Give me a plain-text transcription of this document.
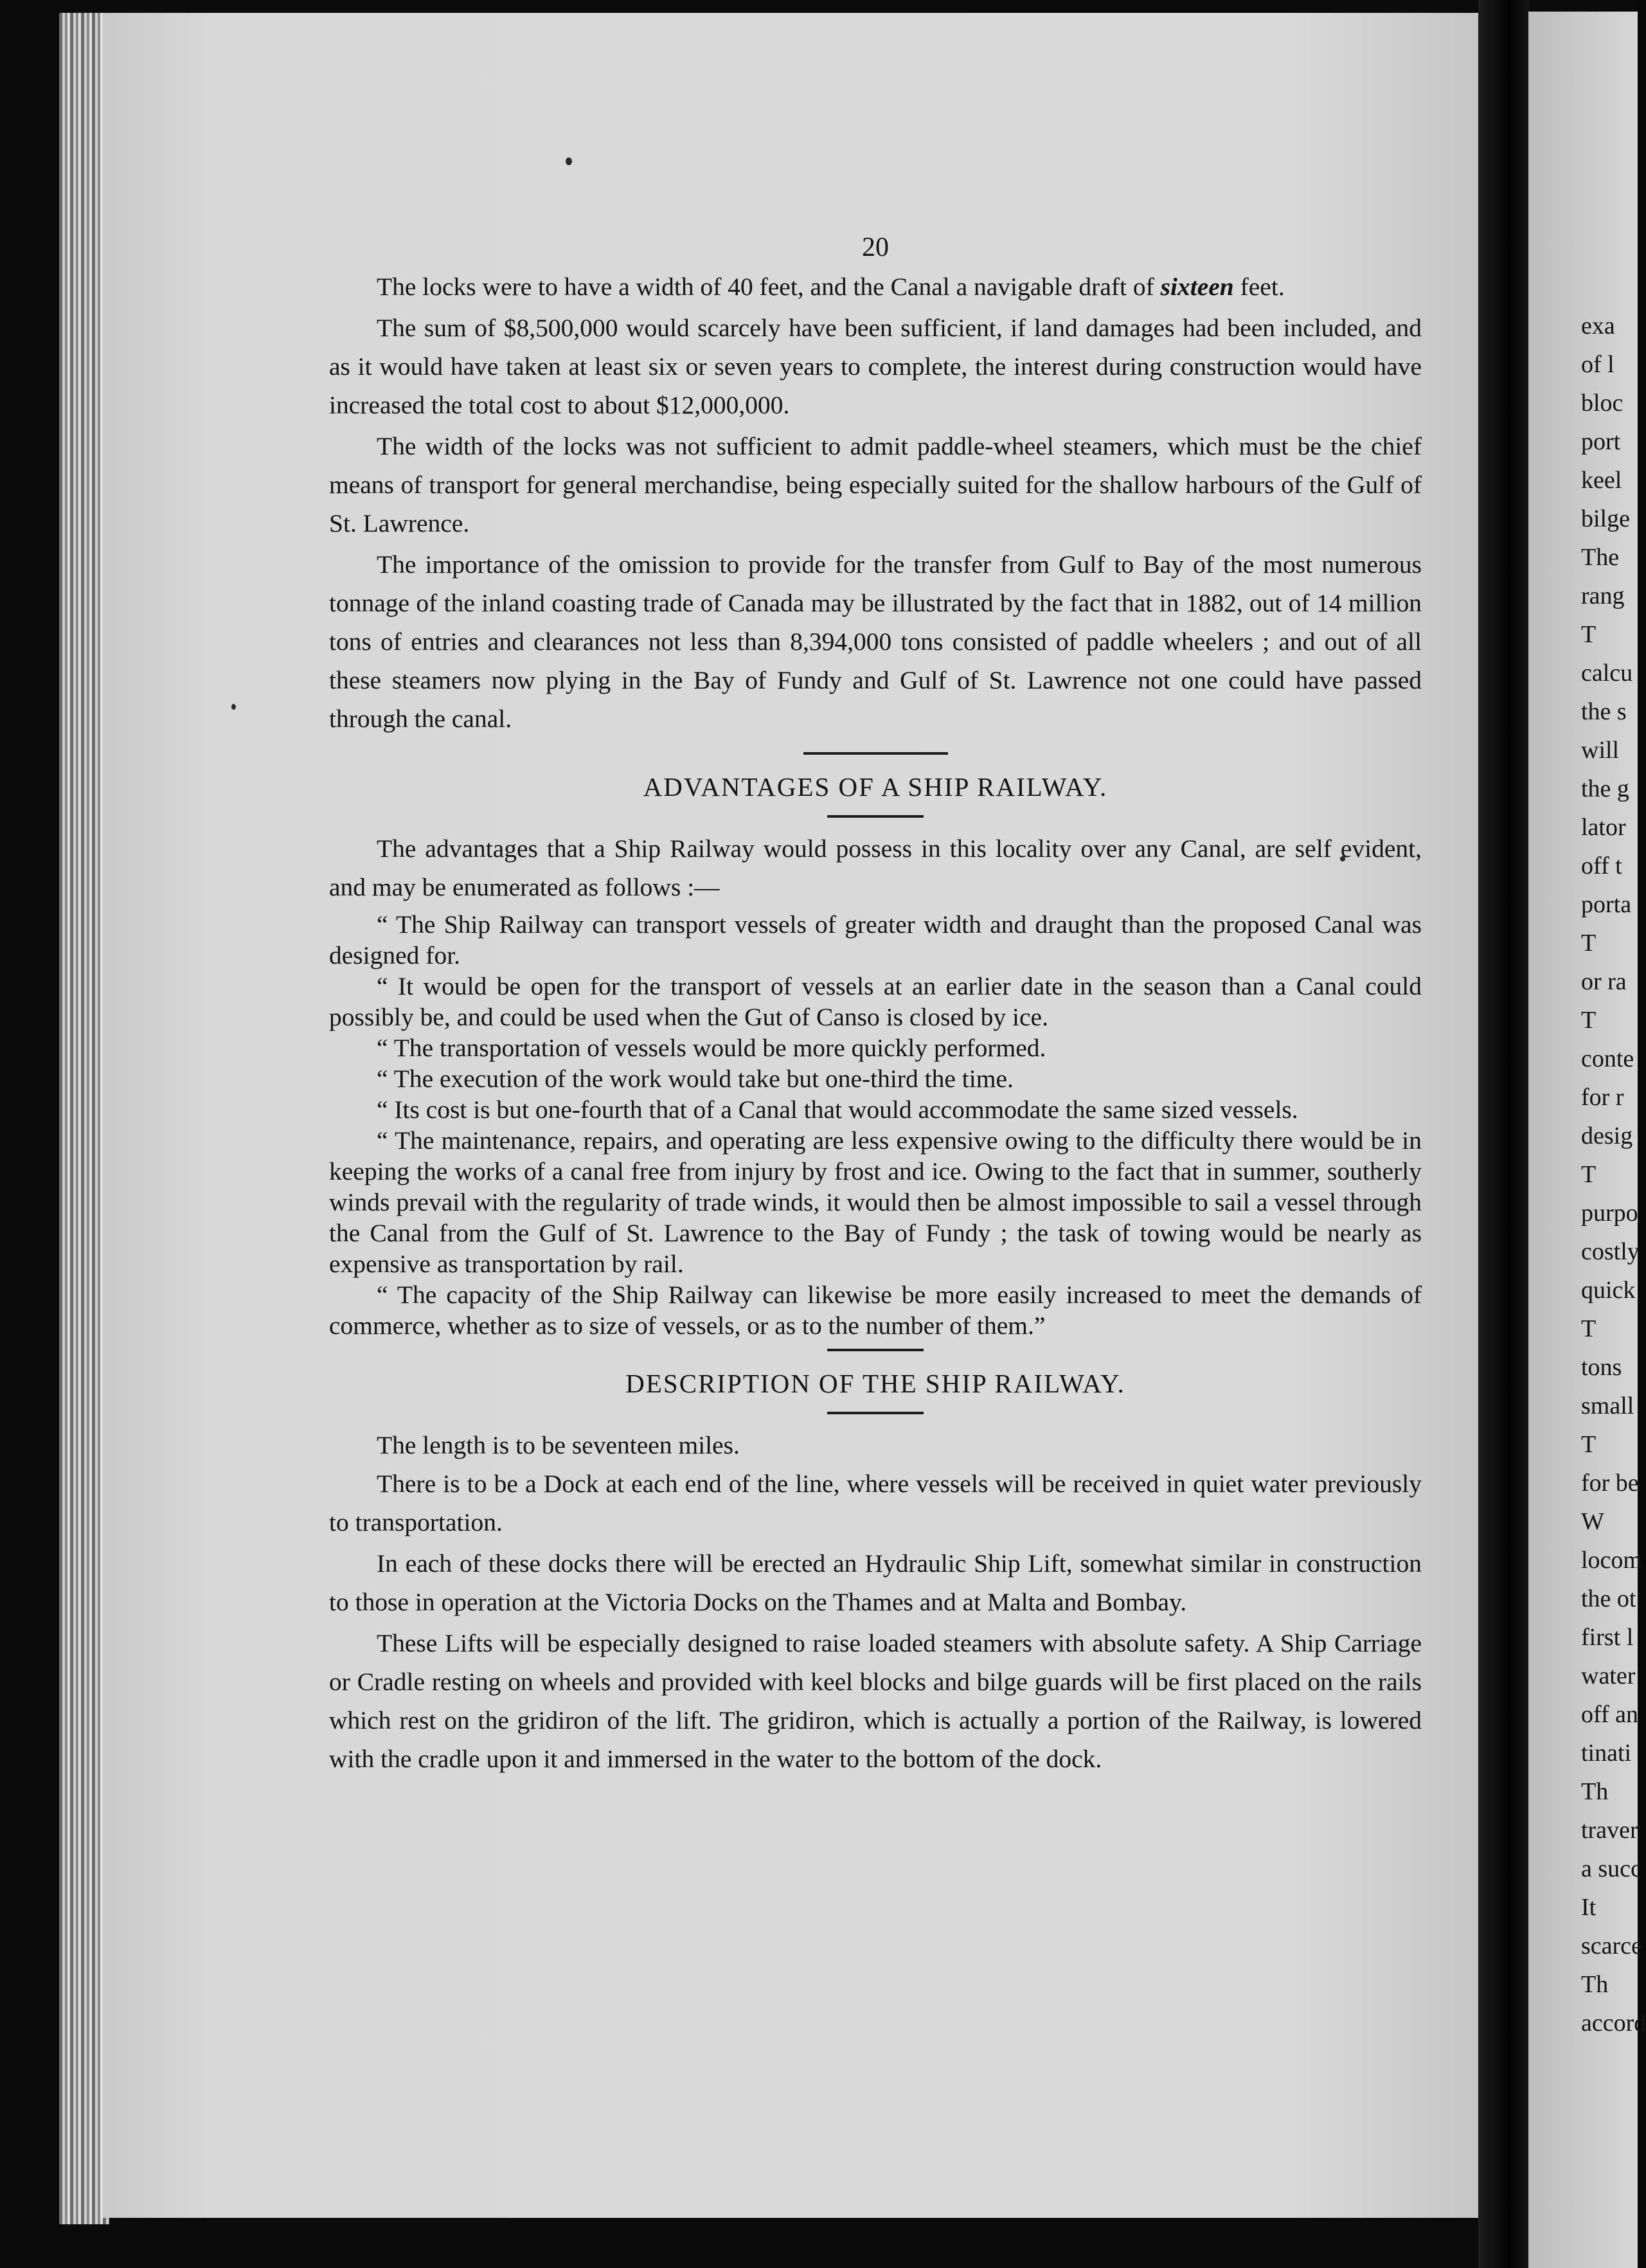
exa
of l
bloc
port
keel
bilge
The
rang
T
calcu
the s
will
the g
lator
off t
porta
T
or ra
T
conte
for r
desig
T
purpo
costly
quick
T
tons
small
T
for be
W
locom
the ot
first l
water
off an
tinati
Th
traver
a succ
It
scarce
Th
accord
20

The locks were to have a width of 40 feet, and the Canal a navigable draft of sixteen feet.

The sum of $8,500,000 would scarcely have been sufficient, if land damages had been included, and as it would have taken at least six or seven years to complete, the interest during construction would have increased the total cost to about $12,000,000.

The width of the locks was not sufficient to admit paddle-wheel steamers, which must be the chief means of transport for general merchandise, being especially suited for the shallow harbours of the Gulf of St. Lawrence.

The importance of the omission to provide for the transfer from Gulf to Bay of the most numerous tonnage of the inland coasting trade of Canada may be illustrated by the fact that in 1882, out of 14 million tons of entries and clearances not less than 8,394,000 tons consisted of paddle wheelers ; and out of all these steamers now plying in the Bay of Fundy and Gulf of St. Lawrence not one could have passed through the canal.

ADVANTAGES OF A SHIP RAILWAY.

The advantages that a Ship Railway would possess in this locality over any Canal, are self evident, and may be enumerated as follows :—

“ The Ship Railway can transport vessels of greater width and draught than the proposed Canal was designed for.

“ It would be open for the transport of vessels at an earlier date in the season than a Canal could possibly be, and could be used when the Gut of Canso is closed by ice.

“ The transportation of vessels would be more quickly performed.

“ The execution of the work would take but one-third the time.

“ Its cost is but one-fourth that of a Canal that would accommodate the same sized vessels.

“ The maintenance, repairs, and operating are less expensive owing to the difficulty there would be in keeping the works of a canal free from injury by frost and ice. Owing to the fact that in summer, southerly winds prevail with the regularity of trade winds, it would then be almost impossible to sail a vessel through the Canal from the Gulf of St. Lawrence to the Bay of Fundy ; the task of towing would be nearly as expensive as transportation by rail.

“ The capacity of the Ship Railway can likewise be more easily increased to meet the demands of commerce, whether as to size of vessels, or as to the number of them.”

DESCRIPTION OF THE SHIP RAILWAY.

The length is to be seventeen miles.

There is to be a Dock at each end of the line, where vessels will be received in quiet water previously to transportation.

In each of these docks there will be erected an Hydraulic Ship Lift, somewhat similar in construction to those in operation at the Victoria Docks on the Thames and at Malta and Bombay.

These Lifts will be especially designed to raise loaded steamers with absolute safety. A Ship Carriage or Cradle resting on wheels and provided with keel blocks and bilge guards will be first placed on the rails which rest on the gridiron of the lift. The gridiron, which is actually a portion of the Railway, is lowered with the cradle upon it and immersed in the water to the bottom of the dock.
